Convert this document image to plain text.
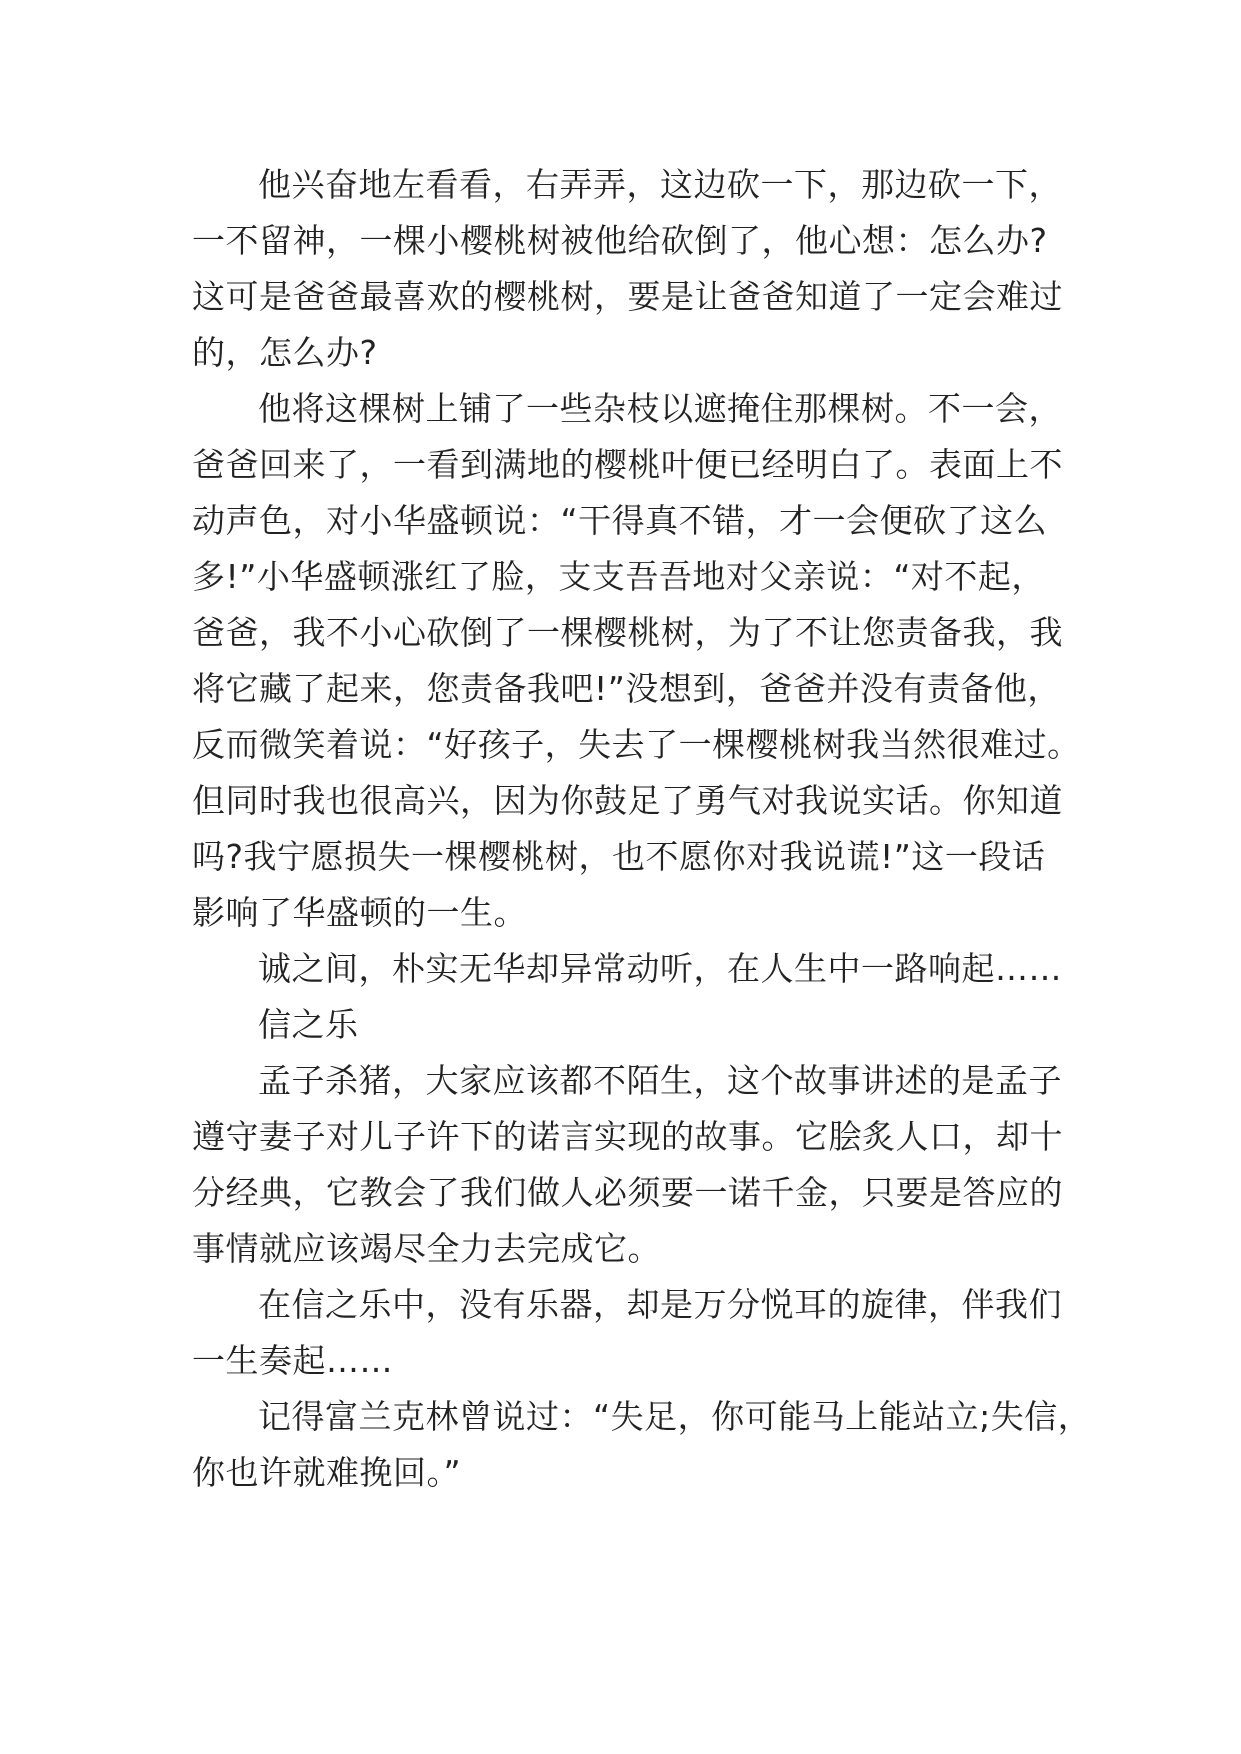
他兴奋地左看看，右弄弄，这边砍一下，那边砍一下，
一不留神，一棵小樱桃树被他给砍倒了，他心想：怎么办?
这可是爸爸最喜欢的樱桃树，要是让爸爸知道了一定会难过
的，怎么办?
他将这棵树上铺了一些杂枝以遮掩住那棵树。不一会，
爸爸回来了，一看到满地的樱桃叶便已经明白了。表面上不
动声色，对小华盛顿说：“干得真不错，才一会便砍了这么
多!”小华盛顿涨红了脸，支支吾吾地对父亲说：“对不起，
爸爸，我不小心砍倒了一棵樱桃树，为了不让您责备我，我
将它藏了起来，您责备我吧!”没想到，爸爸并没有责备他，
反而微笑着说：“好孩子，失去了一棵樱桃树我当然很难过。
但同时我也很高兴，因为你鼓足了勇气对我说实话。你知道
吗?我宁愿损失一棵樱桃树，也不愿你对我说谎!”这一段话
影响了华盛顿的一生。
诚之间，朴实无华却异常动听，在人生中一路响起……
信之乐
孟子杀猪，大家应该都不陌生，这个故事讲述的是孟子
遵守妻子对儿子许下的诺言实现的故事。它脍炙人口，却十
分经典，它教会了我们做人必须要一诺千金，只要是答应的
事情就应该竭尽全力去完成它。
在信之乐中，没有乐器，却是万分悦耳的旋律，伴我们
一生奏起……
记得富兰克林曾说过：“失足，你可能马上能站立;失信，
你也许就难挽回。”
